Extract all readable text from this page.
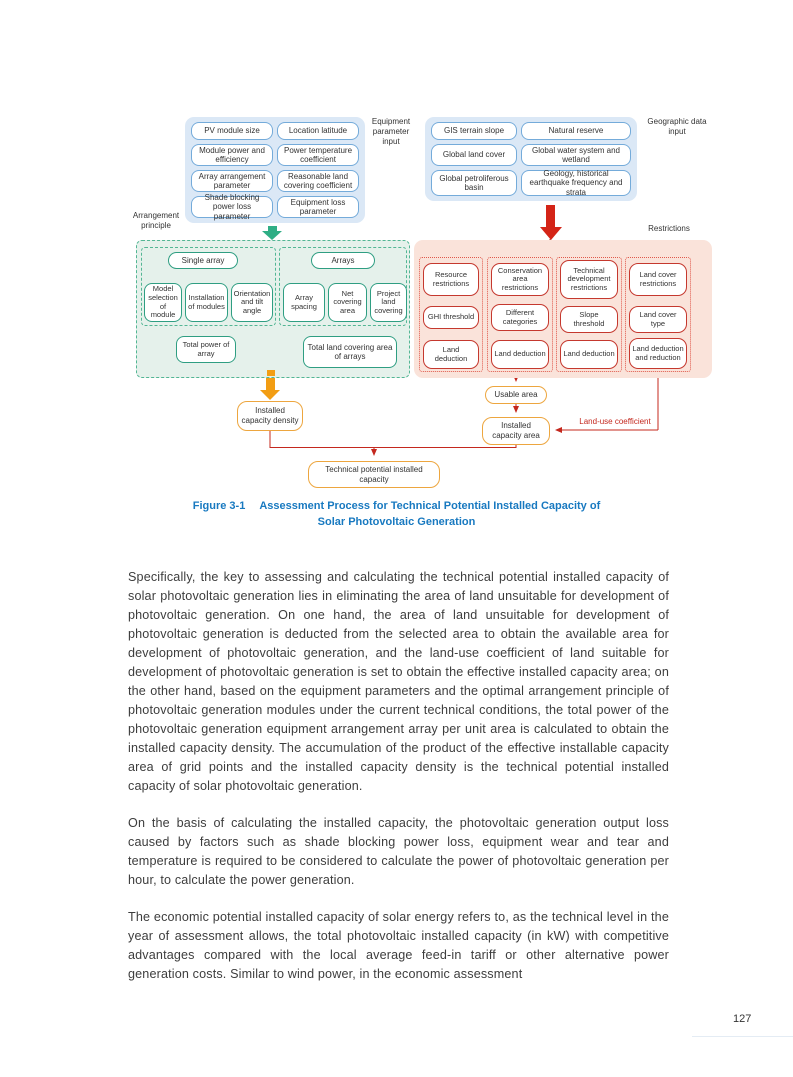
PV module size	Location latitude
Module power and efficiency
Power temperature coefficient
Array arrangement parameter
Reasonable land covering coefficient
Shade blocking power loss parameter
Equipment loss parameter
Equipment parameter input
GIS terrain slope	Natural reserve
Global land cover
Global water system and wetland
Global petroliferous basin
Geology, historical earthquake frequency and strata
Geographic data input
Arrangement principle	Restrictions
Single array	Arrays
Model selection of module
Installation of modules
Orientation and tilt angle
Array spacing
Net covering area
Project land covering
Total power of array
Total land covering area of arrays
Resource restrictions
GHI threshold
Land deduction
Conservation area restrictions
Different categories
Land deduction
Technical development restrictions
Slope threshold
Land deduction
Land cover restrictions
Land cover type
Land deduction and reduction
Installed capacity density
Usable area
Installed capacity area
Technical potential installed capacity
Land-use coefficient
Figure 3-1 Assessment Process for Technical Potential Installed Capacity of
Solar Photovoltaic Generation

Specifically, the key to assessing and calculating the technical potential installed capacity of solar photovoltaic generation lies in eliminating the area of land unsuitable for development of photovoltaic generation. On one hand, the area of land unsuitable for development of photovoltaic generation is deducted from the selected area to obtain the available area for development of photovoltaic generation, and the land-use coefficient of land suitable for development of photovoltaic generation is set to obtain the effective installed capacity area; on the other hand, based on the equipment parameters and the optimal arrangement principle of photovoltaic generation modules under the current technical conditions, the total power of the photovoltaic generation equipment arrangement array per unit area is calculated to obtain the installed capacity density. The accumulation of the product of the effective installable capacity area of grid points and the installed capacity density is the technical potential installed capacity of solar photovoltaic generation.

On the basis of calculating the installed capacity, the photovoltaic generation output loss caused by factors such as shade blocking power loss, equipment wear and tear and temperature is required to be considered to calculate the power of photovoltaic generation per hour, to calculate the power generation.

The economic potential installed capacity of solar energy refers to, as the technical level in the year of assessment allows, the total photovoltaic installed capacity (in kW) with competitive advantages compared with the local average feed-in tariff or other alternative power generation costs. Similar to wind power, in the economic assessment

127
